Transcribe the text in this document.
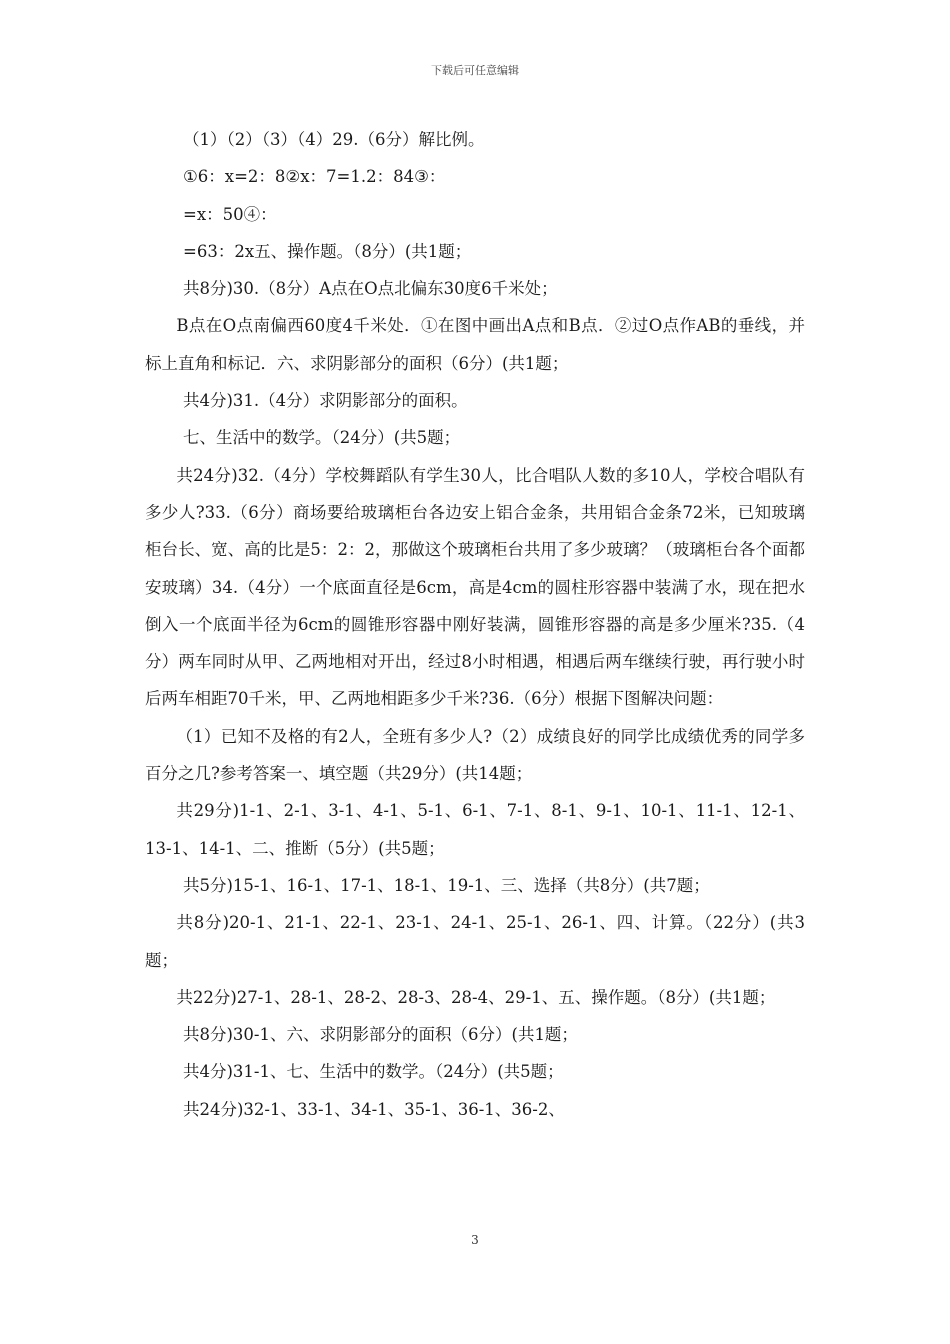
下载后可任意编辑

（1）（2）（3）（4）29.（6分）解比例。

①6：x=2：8②x：7=1.2：84③：

=x：50④：

=63：2x五、操作题。（8分）(共1题；

共8分)30.（8分）A点在O点北偏东30度6千米处；

B点在O点南偏西60度4千米处．①在图中画出A点和B点．②过O点作AB的垂线，并标上直角和标记．六、求阴影部分的面积（6分）(共1题；

共4分)31.（4分）求阴影部分的面积。

七、生活中的数学。（24分）(共5题；

共24分)32.（4分）学校舞蹈队有学生30人，比合唱队人数的多10人，学校合唱队有多少人?33.（6分）商场要给玻璃柜台各边安上铝合金条，共用铝合金条72米，已知玻璃柜台长、宽、高的比是5：2：2，那做这个玻璃柜台共用了多少玻璃？（玻璃柜台各个面都安玻璃）34.（4分）一个底面直径是6cm，高是4cm的圆柱形容器中装满了水，现在把水倒入一个底面半径为6cm的圆锥形容器中刚好装满，圆锥形容器的高是多少厘米?35.（4分）两车同时从甲、乙两地相对开出，经过8小时相遇，相遇后两车继续行驶，再行驶小时后两车相距70千米，甲、乙两地相距多少千米?36.（6分）根据下图解决问题：

（1）已知不及格的有2人，全班有多少人?（2）成绩良好的同学比成绩优秀的同学多百分之几?参考答案一、填空题（共29分）(共14题；

共29分)1-1、2-1、3-1、4-1、5-1、6-1、7-1、8-1、9-1、10-1、11-1、12-1、13-1、14-1、二、推断（5分）(共5题；

共5分)15-1、16-1、17-1、18-1、19-1、三、选择（共8分）(共7题；

共8分)20-1、21-1、22-1、23-1、24-1、25-1、26-1、四、计算。（22分）(共3题；

共22分)27-1、28-1、28-2、28-3、28-4、29-1、五、操作题。（8分）(共1题；

共8分)30-1、六、求阴影部分的面积（6分）(共1题；

共4分)31-1、七、生活中的数学。（24分）(共5题；

共24分)32-1、33-1、34-1、35-1、36-1、36-2、

3
